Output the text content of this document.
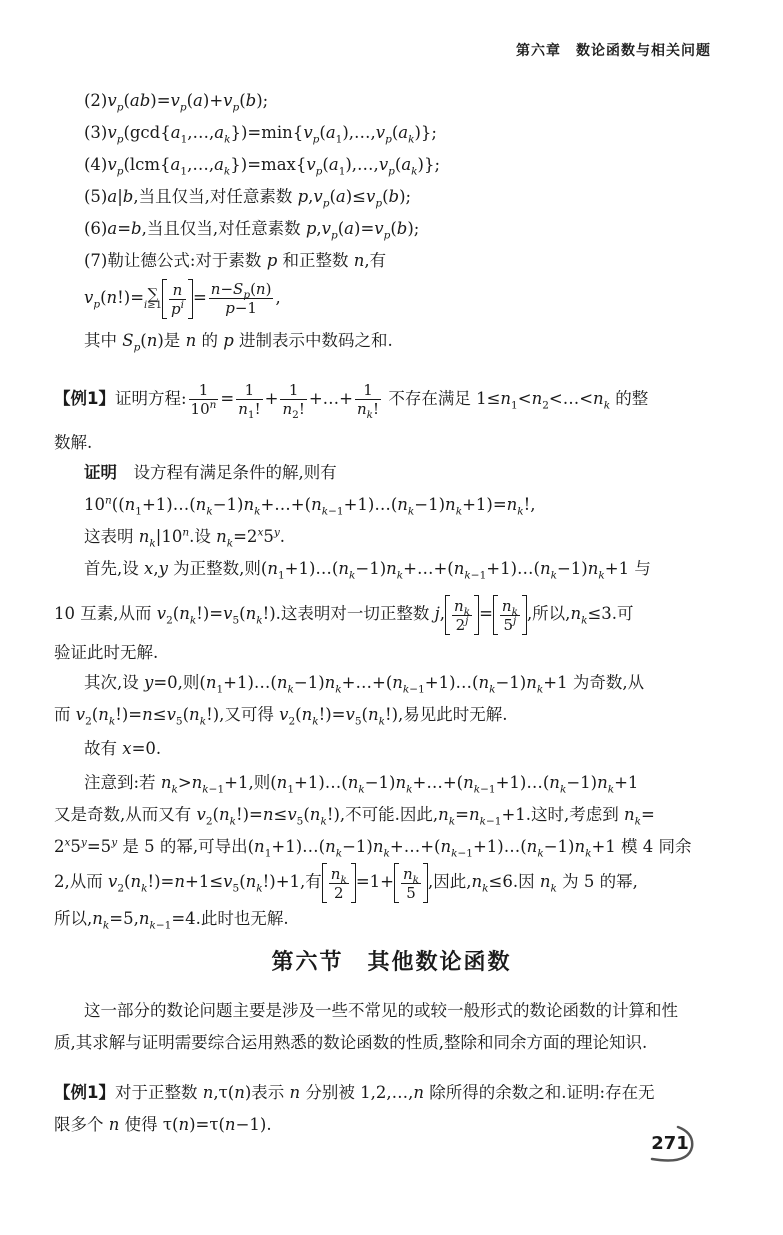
第六章　数论函数与相关问题
$(2)v_p(ab)=v_p(a)+v_p(b)$;
$(3)v_p(\gcd\{a_1,\dots,a_k\})=\min\{v_p(a_1),\dots,v_p(a_k)\}$;
$(4)v_p(lcm\{a_1,\dots,a_k\})=\max\{v_p(a_1),\dots,v_p(a_k)\}$;
(5)a|b,当且仅当,对任意素数 $p,v_p(a)\le v_p(b)$;
(6)a=b,当且仅当,对任意素数 $p,v_p(a)=v_p(b)$;
(7)勒让德公式:对于素数 p 和正整数 n,有
$v_p(n!)=$ ∑
$i\ge 1 \frac{n}{p^i} = \frac{n-S_p(n)}{p-1}$ ,
其中 $S_p(n)$是 n 的 p 进制表示中数码之和.
【例1】证明方程: $\frac{1}{10^n} = \frac{1}{n_1!} + \frac{1}{n_2!}$ +…+ $\frac{1}{n_k!}$ 不存在满足 $1\le n_1<n_2<\dots<n_k$ 的整
数解.
证明　设方程有满足条件的解,则有
$10^n((n_1+1)\dots(n_k-1)n_k+\dots+(n_{k-1}+1)\dots(n_k-1)n_k+1)=n_k$!,
这表明 $n_k|10^n$.设 $n_k=2^x5^y$.
首先,设 x,y 为正整数,则$(n_1+1)\dots(n_k-1)n_k+\dots+(n_{k-1}+1)\dots(n_k-1)n_k+1$ 与
10 互素,从而 $v_2(n_k!)=v_5(n_k!)$.这表明对一切正整数 j, $\frac{n_k}{2^j} = \frac{n_k}{5^j}$ ,所以$,n_k\le 3$.可
验证此时无解.
其次,设 y=0,则$(n_1+1)\dots(n_k-1)n_k+\dots+(n_{k-1}+1)\dots(n_k-1)n_k+1$ 为奇数,从
而 $v_2(n_k!)=n\le v_5(n_k!)$,又可得 $v_2(n_k!)=v_5(n_k!)$,易见此时无解.
故有 x=0.
注意到:若 $n_k>n_{k-1}+1$,则$(n_1+1)\dots(n_k-1)n_k+\dots+(n_{k-1}+1)\dots(n_k-1)n_k+1$
又是奇数,从而又有 $v_2(n_k!)=n\le v_5(n_k!)$,不可能.因此$,n_k=n_{k-1}+1$.这时,考虑到 $n_k=$
$2^x5^y=5^y$ 是 5 的幂,可导出$(n_1+1)\dots(n_k-1)n_k+\dots+(n_{k-1}+1)\dots(n_k-1)n_k+1$ 模 4 同余
2,从而 $v_2(n_k!)=n+1\le v_5(n_k!)+1$,有 $\frac{n_k}{2} =1+ \frac{n_k}{5}$ ,因此$,n_k\le 6$.因 $n_k$ 为 5 的幂,
所以$,n_k=5,n_{k-1}=4$.此时也无解.
第六节　其他数论函数
这一部分的数论问题主要是涉及一些不常见的或较一般形式的数论函数的计算和性
质,其求解与证明需要综合运用熟悉的数论函数的性质,整除和同余方面的理论知识.
【例1】对于正整数 n,τ(n)表示 n 分别被 1,2,…,n 除所得的余数之和.证明:存在无
限多个 n 使得 τ(n)=τ(n−1).
271
